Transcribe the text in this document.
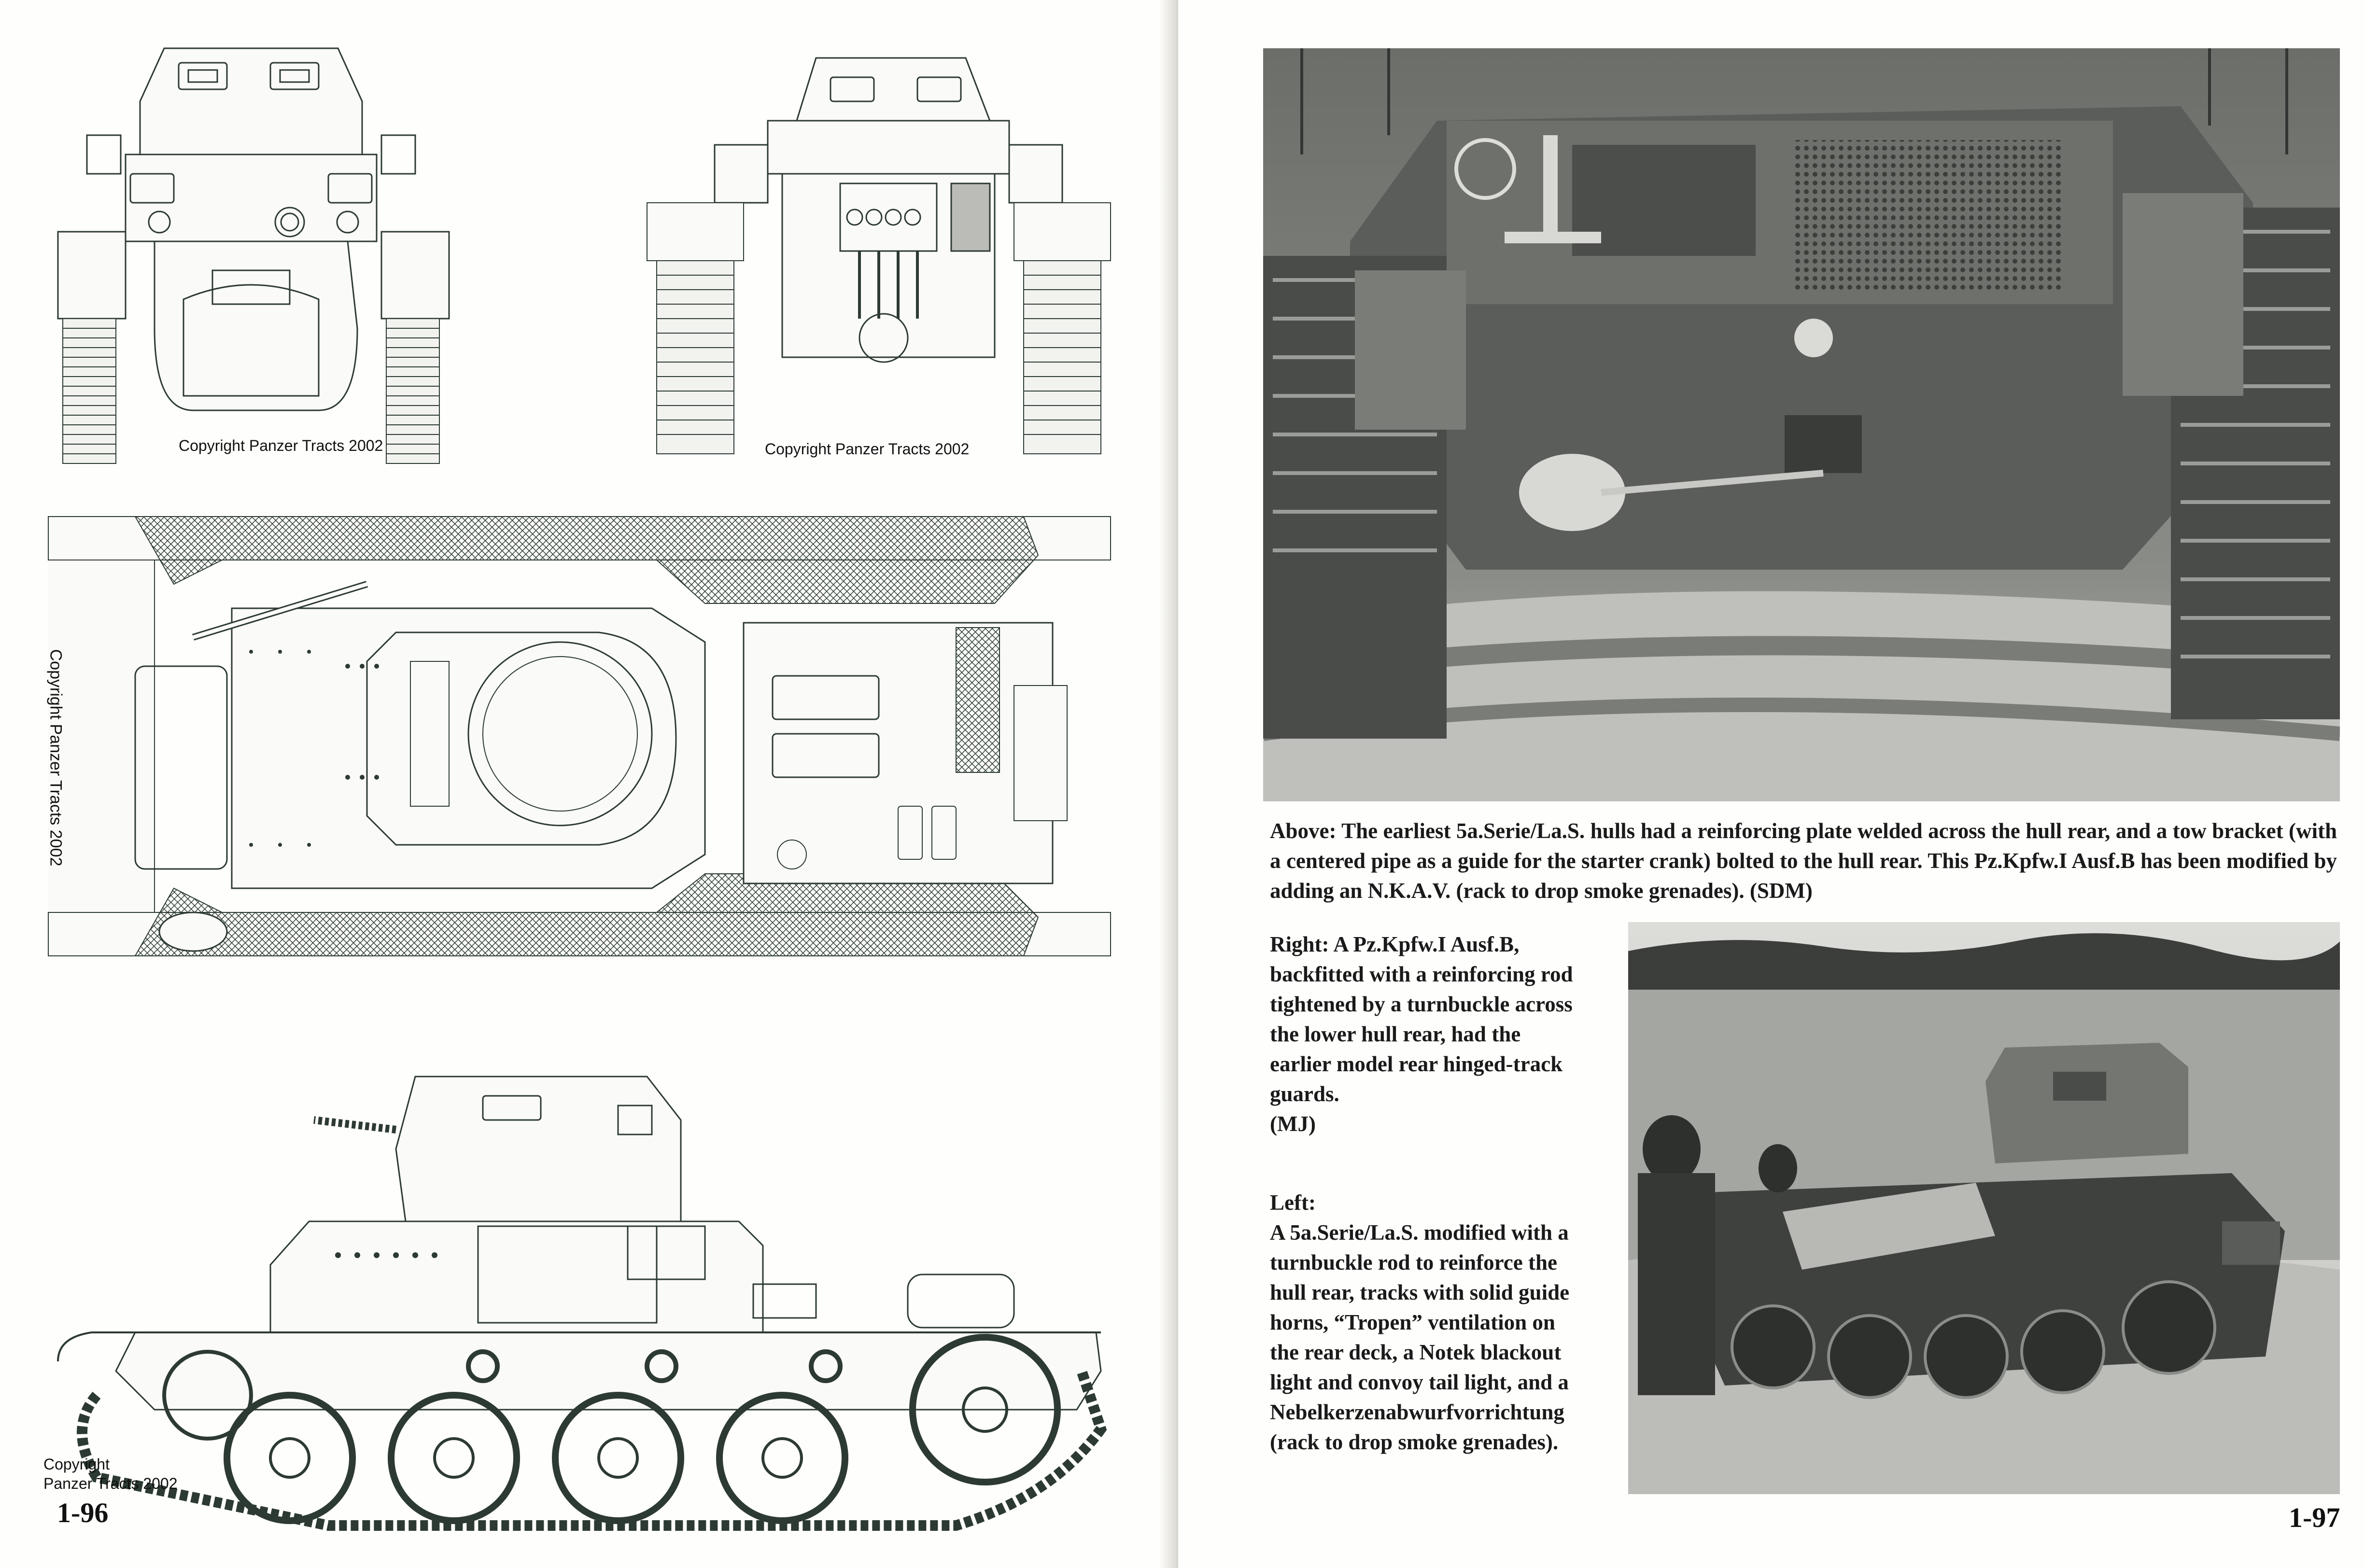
Copyright Panzer Tracts 2002	Copyright Panzer Tracts 2002
Copyright Panzer Tracts 2002
Copyright
Panzer Tracts 2002
1-96

Above: The earliest 5a.Serie/La.S. hulls had a reinforcing plate welded across the hull rear, and a tow bracket (with a centered pipe as a guide for the starter crank) bolted to the hull rear. This Pz.Kpfw.I Ausf.B has been modified by adding an N.K.A.V. (rack to drop smoke grenades). (SDM)

Right: A Pz.Kpfw.I Ausf.B, backfitted with a reinforcing rod tightened by a turnbuckle across the lower hull rear, had the earlier model rear hinged-track guards.

(MJ)

Left:

A 5a.Serie/La.S. modified with a turnbuckle rod to reinforce the hull rear, tracks with solid guide horns, “Tropen” ventilation on the rear deck, a Notek blackout light and convoy tail light, and a Nebelkerzenabwurfvorrichtung (rack to drop smoke grenades).

1-97
